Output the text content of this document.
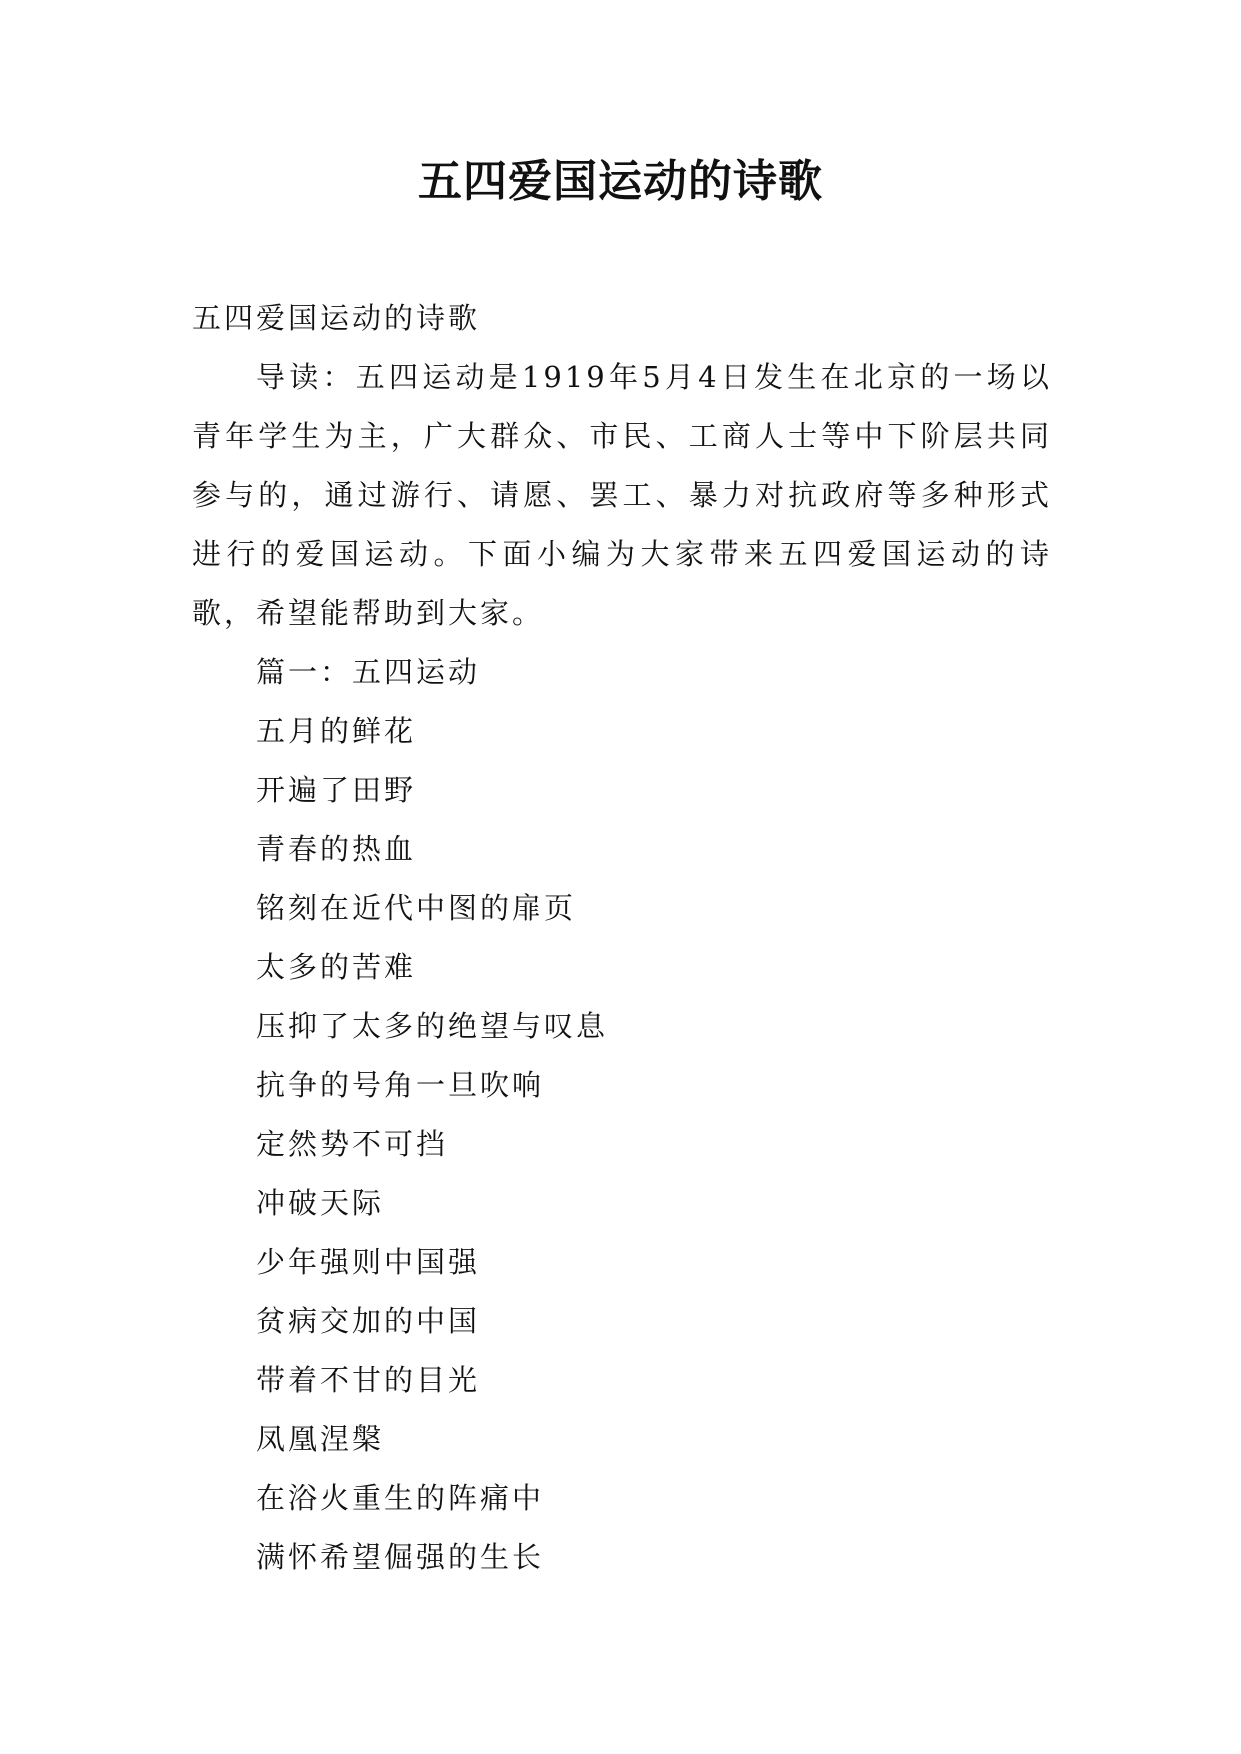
五四爱国运动的诗歌

五四爱国运动的诗歌

导读：五四运动是1919年5月4日发生在北京的一场以青年学生为主，广大群众、市民、工商人士等中下阶层共同参与的，通过游行、请愿、罢工、暴力对抗政府等多种形式进行的爱国运动。下面小编为大家带来五四爱国运动的诗歌，希望能帮助到大家。

篇一：五四运动

五月的鲜花

开遍了田野

青春的热血

铭刻在近代中图的扉页

太多的苦难

压抑了太多的绝望与叹息

抗争的号角一旦吹响

定然势不可挡

冲破天际

少年强则中国强

贫病交加的中国

带着不甘的目光

凤凰涅槃

在浴火重生的阵痛中

满怀希望倔强的生长
